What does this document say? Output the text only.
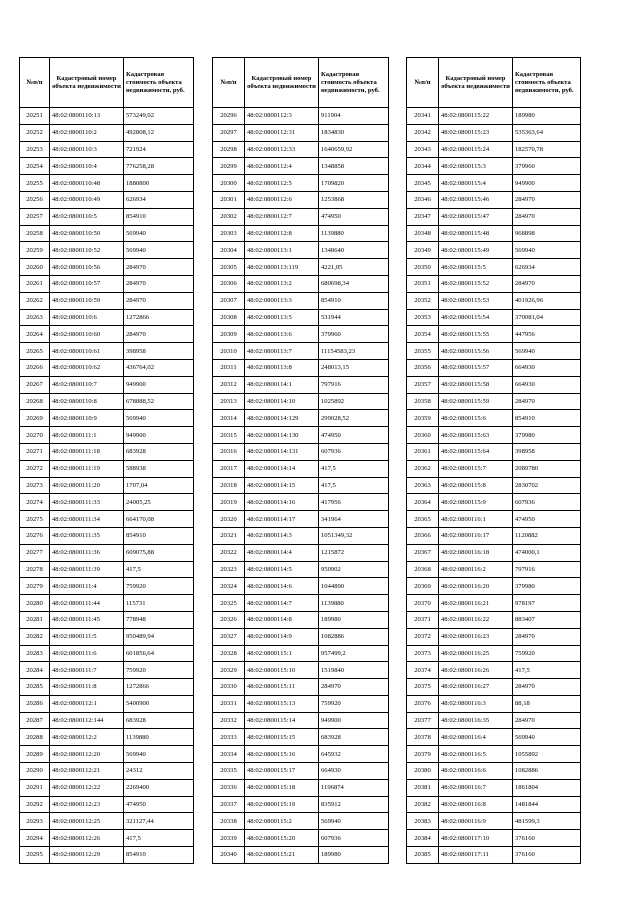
№п/п	Кадастровый номер объекта недвижимости	Кадастровая стоимость объекта недвижимости, руб.
20251	48:02:0800110:13	573249,02
20252	48:02:0800110:2	492808,12
20253	48:02:0800110:3	721924
20254	48:02:0800110:4	776258,28
20255	48:02:0800110:48	1880800
20256	48:02:0800110:49	626934
20257	48:02:0800110:5	854910
20258	48:02:0800110:50	569940
20259	48:02:0800110:52	569940
20260	48:02:0800110:56	284970
20261	48:02:0800110:57	284970
20262	48:02:0800110:59	284970
20263	48:02:0800110:6	1272866
20264	48:02:0800110:60	284970
20265	48:02:0800110:61	398958
20266	48:02:0800110:62	436764,02
20267	48:02:0800110:7	949900
20268	48:02:0800110:8	678888,52
20269	48:02:0800110:9	569940
20270	48:02:0800111:1	949900
20271	48:02:0800111:18	683928
20272	48:02:0800111:19	588938
20273	48:02:0800111:20	1707,04
20274	48:02:0800111:33	24005,25
20275	48:02:0800111:34	664170,08
20276	48:02:0800111:35	854910
20277	48:02:0800111:36	609075,88
20278	48:02:0800111:39	417,5
20279	48:02:0800111:4	759920
20280	48:02:0800111:44	115731
20281	48:02:0800111:45	778948
20282	48:02:0800111:5	950489,94
20283	48:02:0800111:6	601856,64
20284	48:02:0800111:7	759920
20285	48:02:0800111:8	1272866
20286	48:02:0800112:1	5400900
20287	48:02:0800112:144	683928
20288	48:02:0800112:2	1139880
20289	48:02:0800112:20	569940
20290	48:02:0800112:21	24312
20291	48:02:0800112:22	2269400
20292	48:02:0800112:23	474950
20293	48:02:0800112:25	321127,44
20294	48:02:0800112:26	417,5
20295	48:02:0800112:29	854910
№п/п	Кадастровый номер объекта недвижимости	Кадастровая стоимость объекта недвижимости, руб.
20296	48:02:0800112:3	911904
20297	48:02:0800112:31	1834830
20298	48:02:0800112:33	1640659,92
20299	48:02:0800112:4	1348858
20300	48:02:0800112:5	1709820
20301	48:02:0800112:6	1253868
20302	48:02:0800112:7	474950
20303	48:02:0800112:8	1139880
20304	48:02:0800113:1	1348640
20305	48:02:0800113:119	4221,05
20306	48:02:0800113:2	680698,34
20307	48:02:0800113:3	854910
20308	48:02:0800113:5	531944
20309	48:02:0800113:6	379960
20310	48:02:0800113:7	11154583,23
20311	48:02:0800113:8	248013,15
20312	48:02:0800114:1	797916
20313	48:02:0800114:10	1025892
20314	48:02:0800114:129	299028,52
20315	48:02:0800114:130	474950
20316	48:02:0800114:131	607936
20317	48:02:0800114:14	417,5
20318	48:02:0800114:15	417,5
20319	48:02:0800114:16	417956
20320	48:02:0800114:17	341964
20321	48:02:0800114:3	1051349,32
20322	48:02:0800114:4	1215872
20323	48:02:0800114:5	950902
20324	48:02:0800114:6	1044890
20325	48:02:0800114:7	1139880
20326	48:02:0800114:8	189980
20327	48:02:0800114:9	1082886
20328	48:02:0800115:1	957499,2
20329	48:02:0800115:10	1519840
20330	48:02:0800115:11	284970
20331	48:02:0800115:13	759920
20332	48:02:0800115:14	949900
20333	48:02:0800115:15	683928
20334	48:02:0800115:16	645932
20335	48:02:0800115:17	664930
20336	48:02:0800115:18	1196874
20337	48:02:0800115:19	835912
20338	48:02:0800115:2	569940
20339	48:02:0800115:20	607936
20340	48:02:0800115:21	189980
№п/п	Кадастровый номер объекта недвижимости	Кадастровая стоимость объекта недвижимости, руб.
20341	48:02:0800115:22	189980
20342	48:02:0800115:23	535363,64
20343	48:02:0800115:24	182570,78
20344	48:02:0800115:3	379960
20345	48:02:0800115:4	949900
20346	48:02:0800115:46	284970
20347	48:02:0800115:47	284970
20348	48:02:0800115:48	968898
20349	48:02:0800115:49	569940
20350	48:02:0800115:5	626934
20351	48:02:0800115:52	284970
20352	48:02:0800115:53	401926,96
20353	48:02:0800115:54	370081,04
20354	48:02:0800115:55	447956
20355	48:02:0800115:56	569940
20356	48:02:0800115:57	664930
20357	48:02:0800115:58	664930
20358	48:02:0800115:59	284970
20359	48:02:0800115:6	854910
20360	48:02:0800115:63	379980
20361	48:02:0800115:64	398958
20362	48:02:0800115:7	2089780
20363	48:02:0800115:8	2830702
20364	48:02:0800115:9	607936
20365	48:02:0800116:1	474950
20366	48:02:0800116:17	1120882
20367	48:02:0800116:18	474000,1
20368	48:02:0800116:2	797916
20369	48:02:0800116:20	379980
20370	48:02:0800116:21	978197
20371	48:02:0800116:22	883407
20372	48:02:0800116:23	284970
20373	48:02:0800116:25	759920
20374	48:02:0800116:26	417,5
20375	48:02:0800116:27	284970
20376	48:02:0800116:3	88,18
20377	48:02:0800116:35	284970
20378	48:02:0800116:4	569940
20379	48:02:0800116:5	1055892
20380	48:02:0800116:6	1082886
20381	48:02:0800116:7	1861804
20382	48:02:0800116:8	1481844
20383	48:02:0800116:9	481599,3
20384	48:02:0800117:10	376160
20385	48:02:0800117:11	376160
